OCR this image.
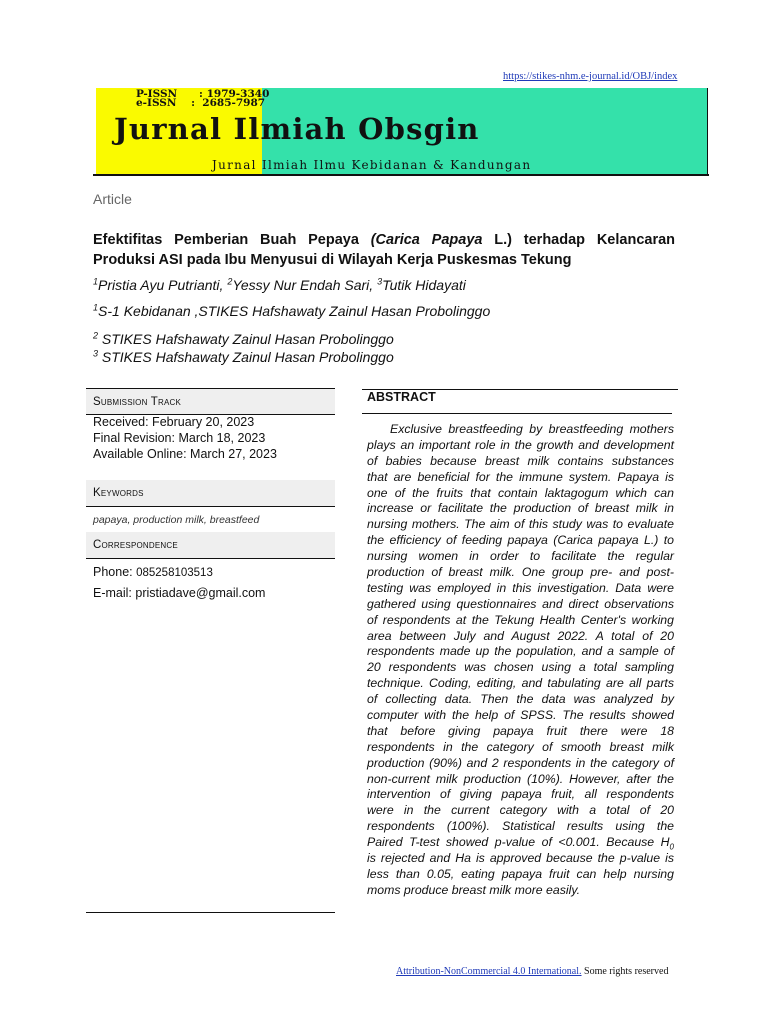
https://stikes-nhm.e-journal.id/OBJ/index
P-ISSN      : 1979-3340
e-ISSN    :  2685-7987
Jurnal Ilmiah Obsgin
Jurnal Ilmiah Ilmu Kebidanan & Kandungan
Article
Efektifitas Pemberian Buah Pepaya (Carica Papaya L.) terhadap Kelancaran
Produksi ASI pada Ibu Menyusui di Wilayah Kerja Puskesmas Tekung
$^1$Pristia Ayu Putrianti, $^2$Yessy Nur Endah Sari, $^3$Tutik Hidayati
$^1$S-1 Kebidanan ,STIKES Hafshawaty Zainul Hasan Probolinggo
$^2$ STIKES Hafshawaty Zainul Hasan Probolinggo
$^3$ STIKES Hafshawaty Zainul Hasan Probolinggo
Submission Track
Received: February 20, 2023
Final Revision: March 18, 2023
Available Online: March 27, 2023
Keywords
papaya, production milk, breastfeed
Correspondence
Phone: 085258103513
E-mail: pristiadave@gmail.com
ABSTRACT
Exclusive breastfeeding by breastfeeding mothers
plays an important role in the growth and development
of babies because breast milk contains substances
that are beneficial for the immune system. Papaya is
one of the fruits that contain laktagogum which can
increase or facilitate the production of breast milk in
nursing mothers. The aim of this study was to evaluate
the efficiency of feeding papaya (Carica papaya L.) to
nursing women in order to facilitate the regular
production of breast milk. One group pre- and post-
testing was employed in this investigation. Data were
gathered using questionnaires and direct observations
of respondents at the Tekung Health Center's working
area between July and August 2022. A total of 20
respondents made up the population, and a sample of
20 respondents was chosen using a total sampling
technique. Coding, editing, and tabulating are all parts
of collecting data. Then the data was analyzed by
computer with the help of SPSS. The results showed
that before giving papaya fruit there were 18
respondents in the category of smooth breast milk
production (90%) and 2 respondents in the category of
non-current milk production (10%). However, after the
intervention of giving papaya fruit, all respondents
were in the current category with a total of 20
respondents (100%). Statistical results using the
Paired T-test showed p-value of <0.001. Because $H_0$
is rejected and Ha is approved because the p-value is
less than 0.05, eating papaya fruit can help nursing
moms produce breast milk more easily.
Attribution-NonCommercial 4.0 International. Some rights reserved
